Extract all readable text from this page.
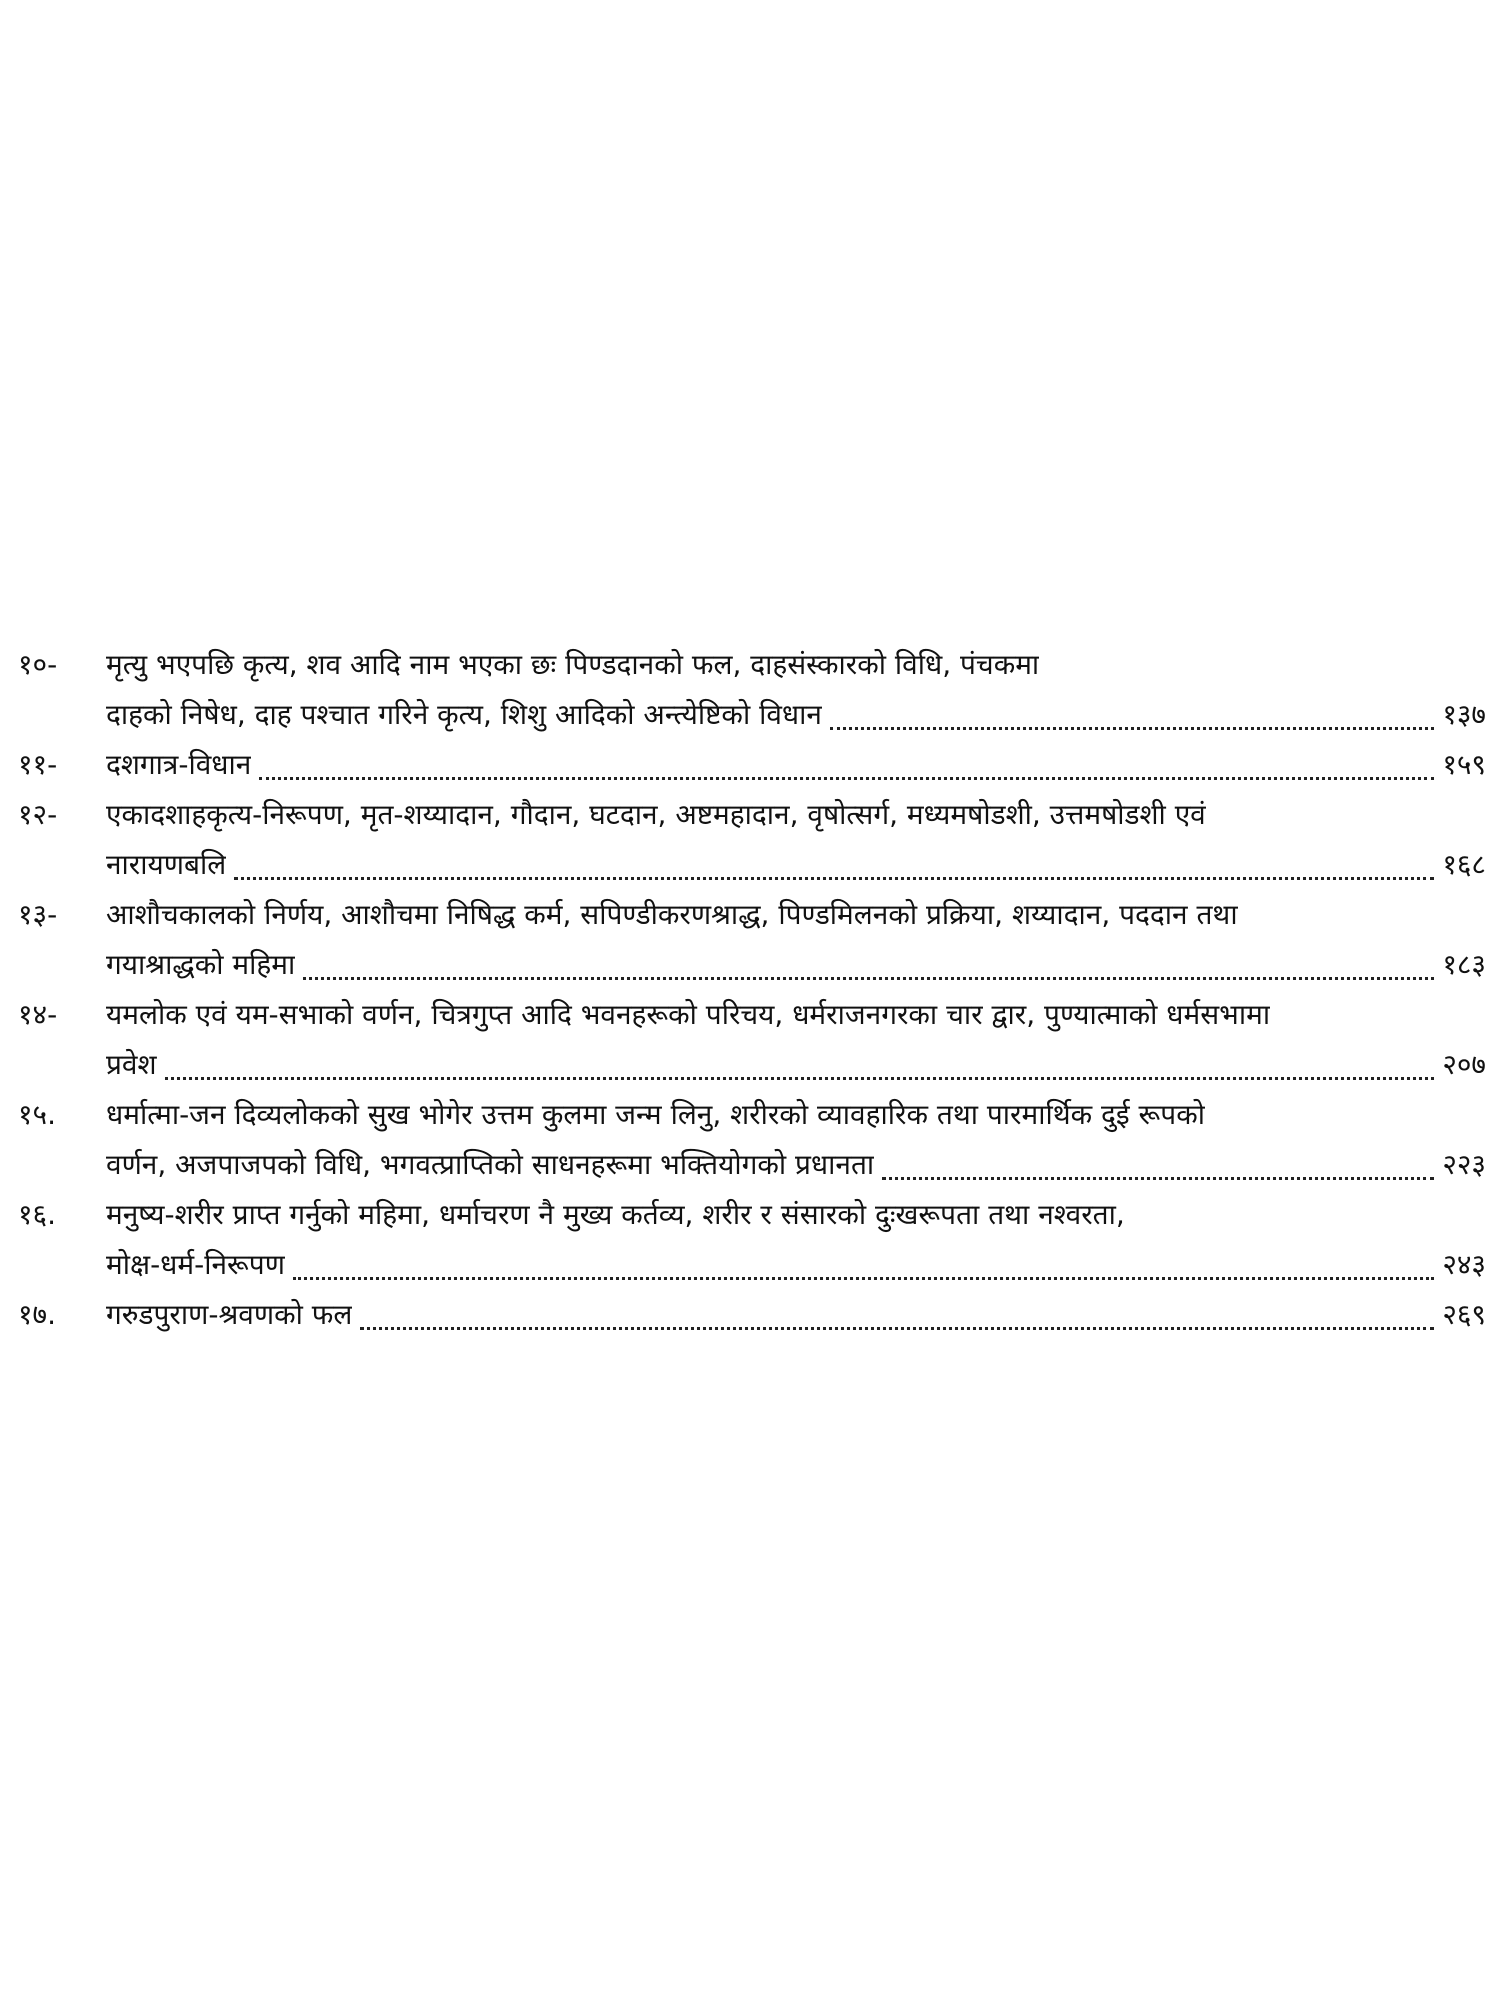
१०-	मृत्यु भएपछि कृत्य, शव आदि नाम भएका छः पिण्डदानको फल, दाहसंस्कारको विधि, पंचकमा
दाहको निषेध, दाह पश्चात गरिने कृत्य, शिशु आदिको अन्त्येष्टिको विधान	१३७
११-	दशगात्र-विधान	१५९
१२-	एकादशाहकृत्य-निरूपण, मृत-शय्यादान, गौदान, घटदान, अष्टमहादान, वृषोत्सर्ग, मध्यमषोडशी, उत्तमषोडशी एवं
नारायणबलि	१६८
१३-	आशौचकालको निर्णय, आशौचमा निषिद्ध कर्म, सपिण्डीकरणश्राद्ध, पिण्डमिलनको प्रक्रिया, शय्यादान, पददान तथा
गयाश्राद्धको महिमा	१८३
१४-	यमलोक एवं यम-सभाको वर्णन, चित्रगुप्त आदि भवनहरूको परिचय, धर्मराजनगरका चार द्वार, पुण्यात्माको धर्मसभामा
प्रवेश	२०७
१५.	धर्मात्मा-जन दिव्यलोकको सुख भोगेर उत्तम कुलमा जन्म लिनु, शरीरको व्यावहारिक तथा पारमार्थिक दुई रूपको
वर्णन, अजपाजपको विधि, भगवत्प्राप्तिको साधनहरूमा भक्तियोगको प्रधानता	२२३
१६.	मनुष्य-शरीर प्राप्त गर्नुको महिमा, धर्माचरण नै मुख्य कर्तव्य, शरीर र संसारको दुःखरूपता तथा नश्वरता,
मोक्ष-धर्म-निरूपण	२४३
१७.	गरुडपुराण-श्रवणको फल	२६९
